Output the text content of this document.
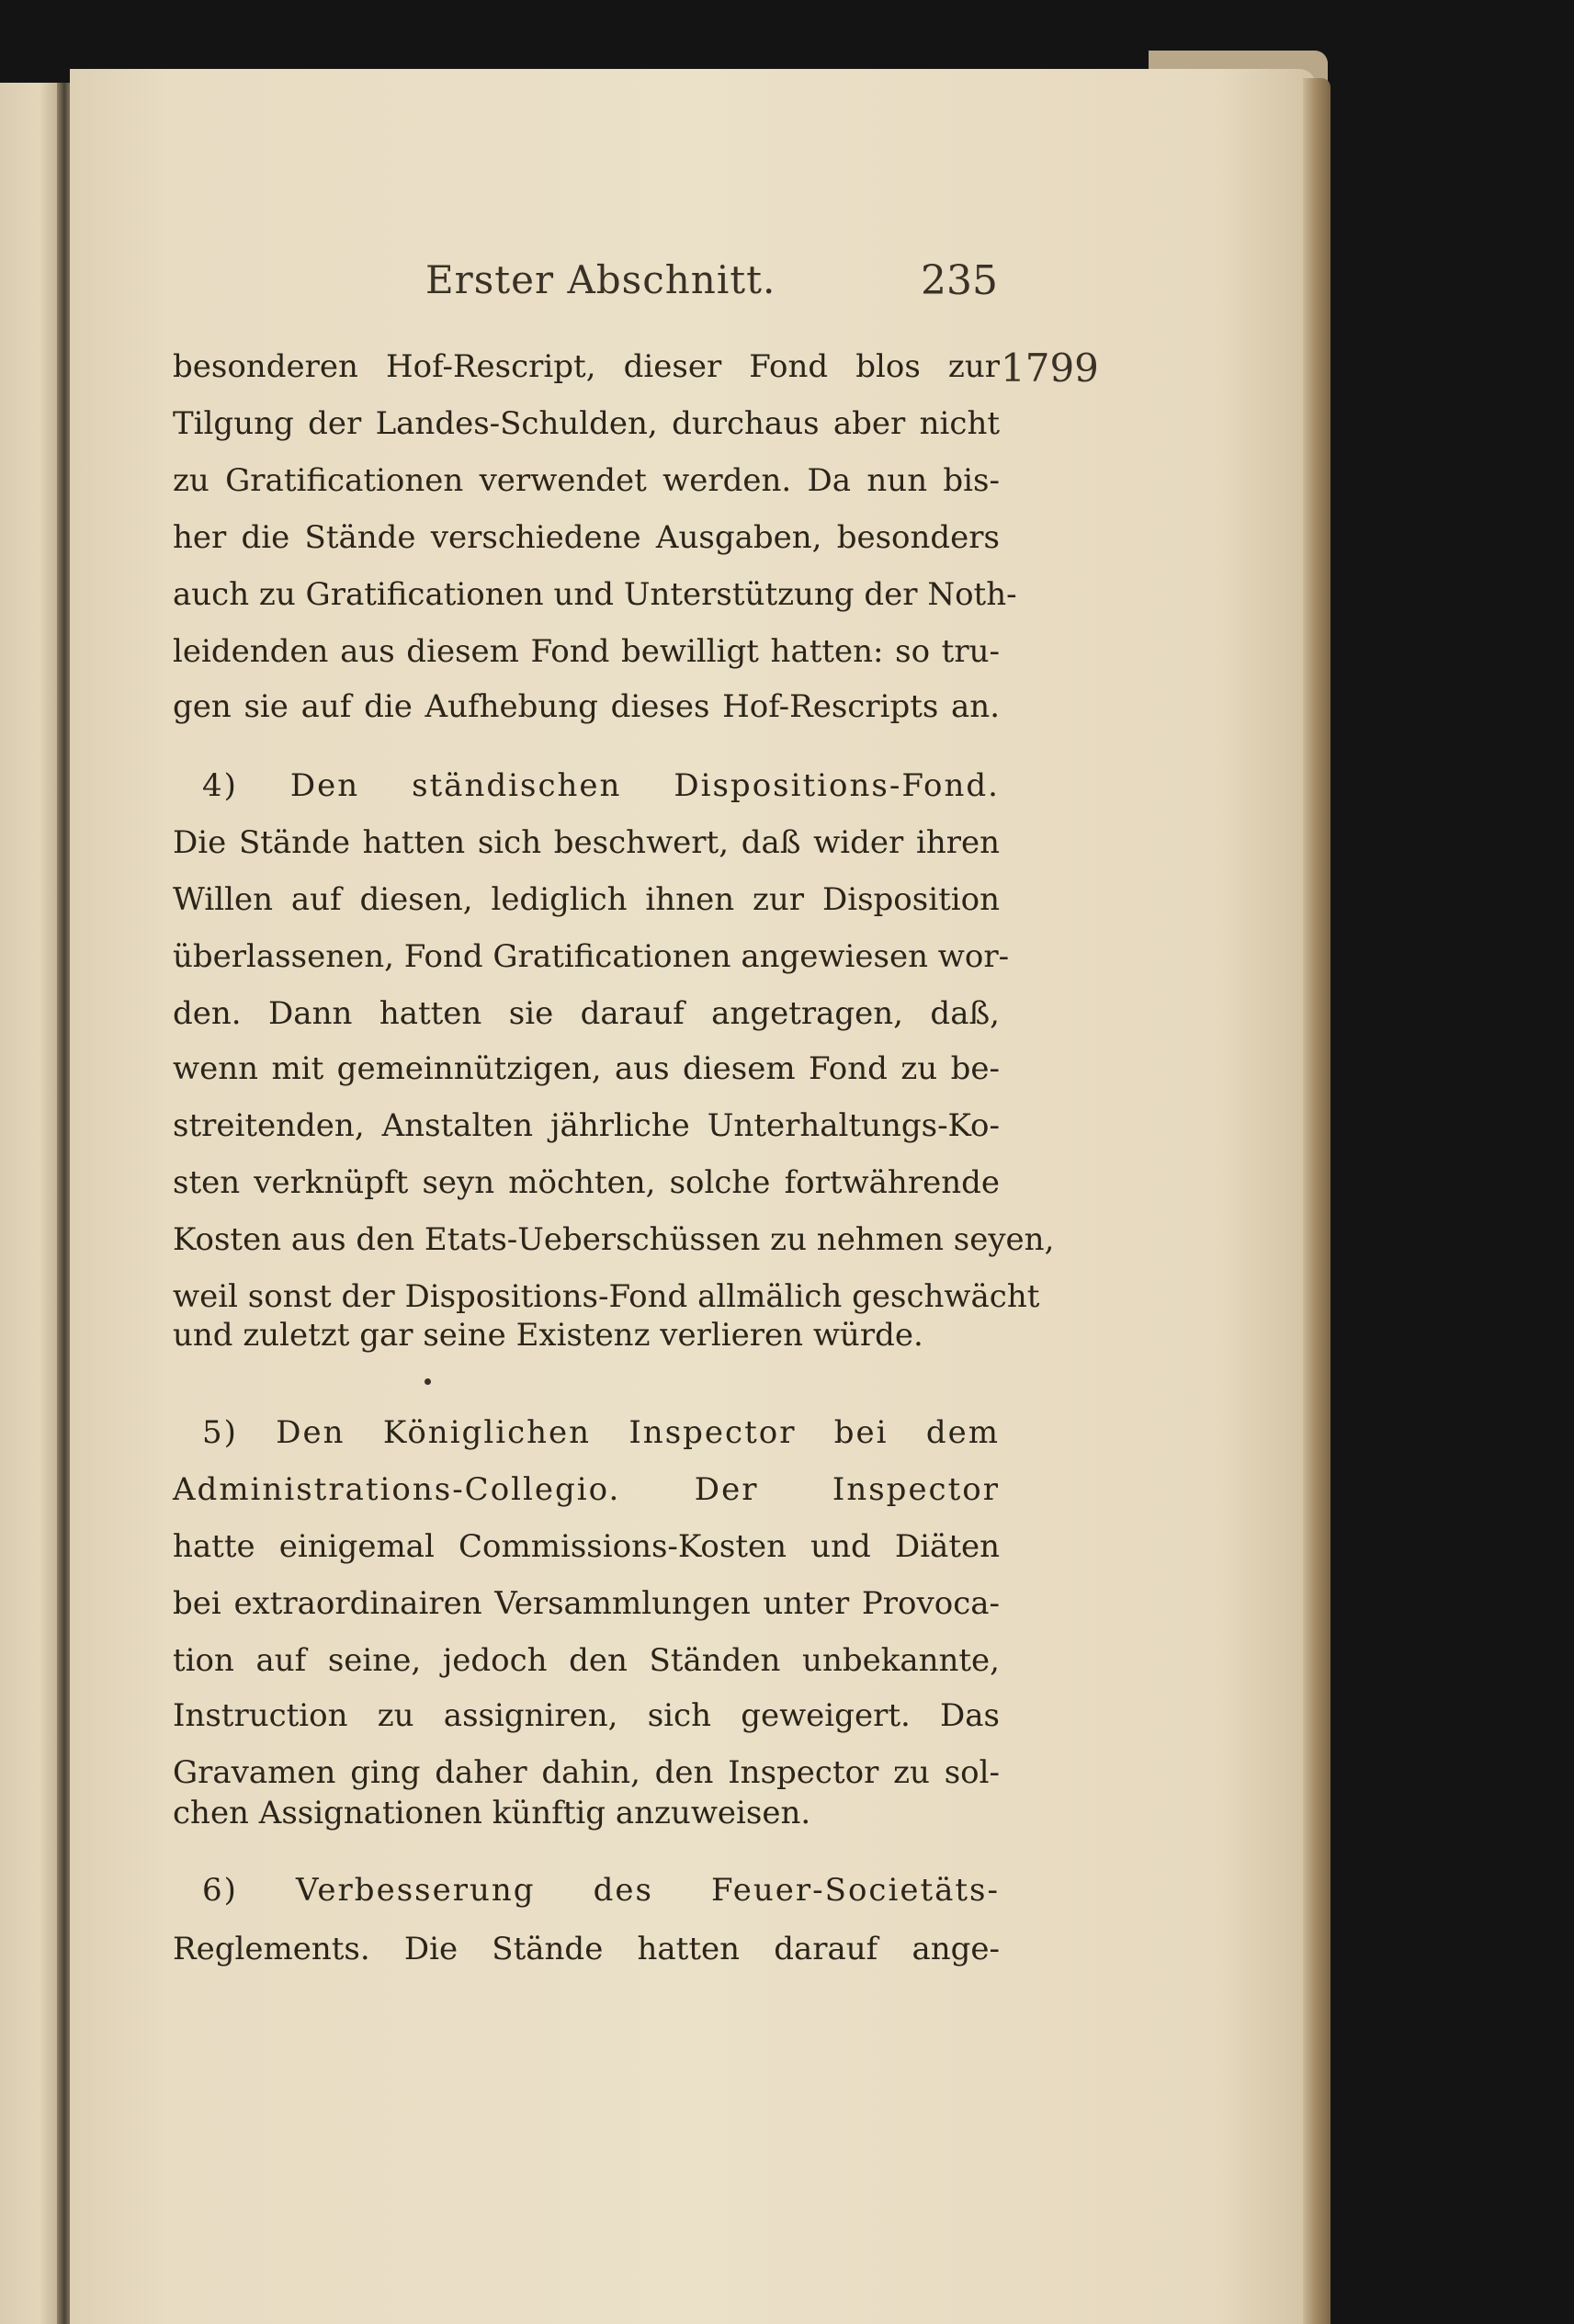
Erster Abschnitt.	235
1799
besonderen Hof-Rescript, dieser Fond blos zur
Tilgung der Landes-Schulden, durchaus aber nicht
zu Gratificationen verwendet werden. Da nun bis-
her die Stände verschiedene Ausgaben, besonders
auch zu Gratificationen und Unterstützung der Noth-
leidenden aus diesem Fond bewilligt hatten: so tru-
gen sie auf die Aufhebung dieses Hof-Rescripts an.
4) Den ständischen Dispositions-Fond.
Die Stände hatten sich beschwert, daß wider ihren
Willen auf diesen, lediglich ihnen zur Disposition
überlassenen, Fond Gratificationen angewiesen wor-
den. Dann hatten sie darauf angetragen, daß,
wenn mit gemeinnützigen, aus diesem Fond zu be-
streitenden, Anstalten jährliche Unterhaltungs-Ko-
sten verknüpft seyn möchten, solche fortwährende
Kosten aus den Etats-Ueberschüssen zu nehmen seyen,
weil sonst der Dispositions-Fond allmälich geschwächt
und zuletzt gar seine Existenz verlieren würde.
5) Den Königlichen Inspector bei dem
Administrations-Collegio. Der Inspector
hatte einigemal Commissions-Kosten und Diäten
bei extraordinairen Versammlungen unter Provoca-
tion auf seine, jedoch den Ständen unbekannte,
Instruction zu assigniren, sich geweigert. Das
Gravamen ging daher dahin, den Inspector zu sol-
chen Assignationen künftig anzuweisen.
6) Verbesserung des Feuer-Societäts-
Reglements. Die Stände hatten darauf ange-
